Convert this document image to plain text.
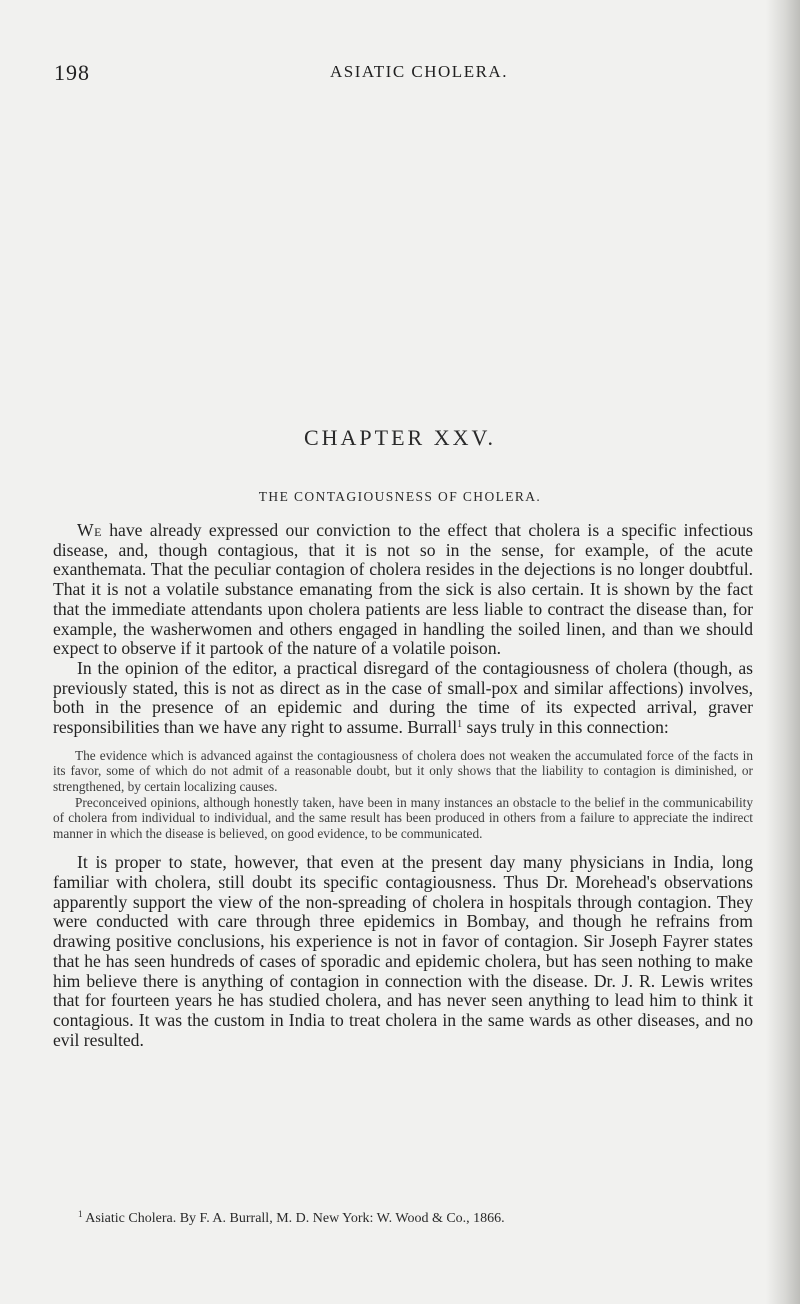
198	ASIATIC CHOLERA.
CHAPTER XXV.
THE CONTAGIOUSNESS OF CHOLERA.

We have already expressed our conviction to the effect that cholera is a specific infectious disease, and, though contagious, that it is not so in the sense, for example, of the acute exanthemata. That the peculiar contagion of cholera resides in the dejections is no longer doubtful. That it is not a volatile substance emanating from the sick is also certain. It is shown by the fact that the immediate attendants upon cholera patients are less liable to contract the disease than, for example, the washerwomen and others engaged in handling the soiled linen, and than we should expect to observe if it partook of the nature of a volatile poison.

In the opinion of the editor, a practical disregard of the contagiousness of cholera (though, as previously stated, this is not as direct as in the case of small-pox and similar affections) involves, both in the presence of an epidemic and during the time of its expected arrival, graver responsibilities than we have any right to assume. Burrall$^1$ says truly in this connection:

The evidence which is advanced against the contagiousness of cholera does not weaken the accumulated force of the facts in its favor, some of which do not admit of a reasonable doubt, but it only shows that the liability to contagion is diminished, or strengthened, by certain localizing causes.

Preconceived opinions, although honestly taken, have been in many instances an obstacle to the belief in the communicability of cholera from individual to individual, and the same result has been produced in others from a failure to appreciate the indirect manner in which the disease is believed, on good evidence, to be communicated.

It is proper to state, however, that even at the present day many physicians in India, long familiar with cholera, still doubt its specific contagiousness. Thus Dr. Morehead's observations apparently support the view of the non-spreading of cholera in hospitals through contagion. They were conducted with care through three epidemics in Bombay, and though he refrains from drawing positive conclusions, his experience is not in favor of contagion. Sir Joseph Fayrer states that he has seen hundreds of cases of sporadic and epidemic cholera, but has seen nothing to make him believe there is anything of contagion in connection with the disease. Dr. J. R. Lewis writes that for fourteen years he has studied cholera, and has never seen anything to lead him to think it contagious. It was the custom in India to treat cholera in the same wards as other diseases, and no evil resulted.

$^1$ Asiatic Cholera. By F. A. Burrall, M. D. New York: W. Wood & Co., 1866.
